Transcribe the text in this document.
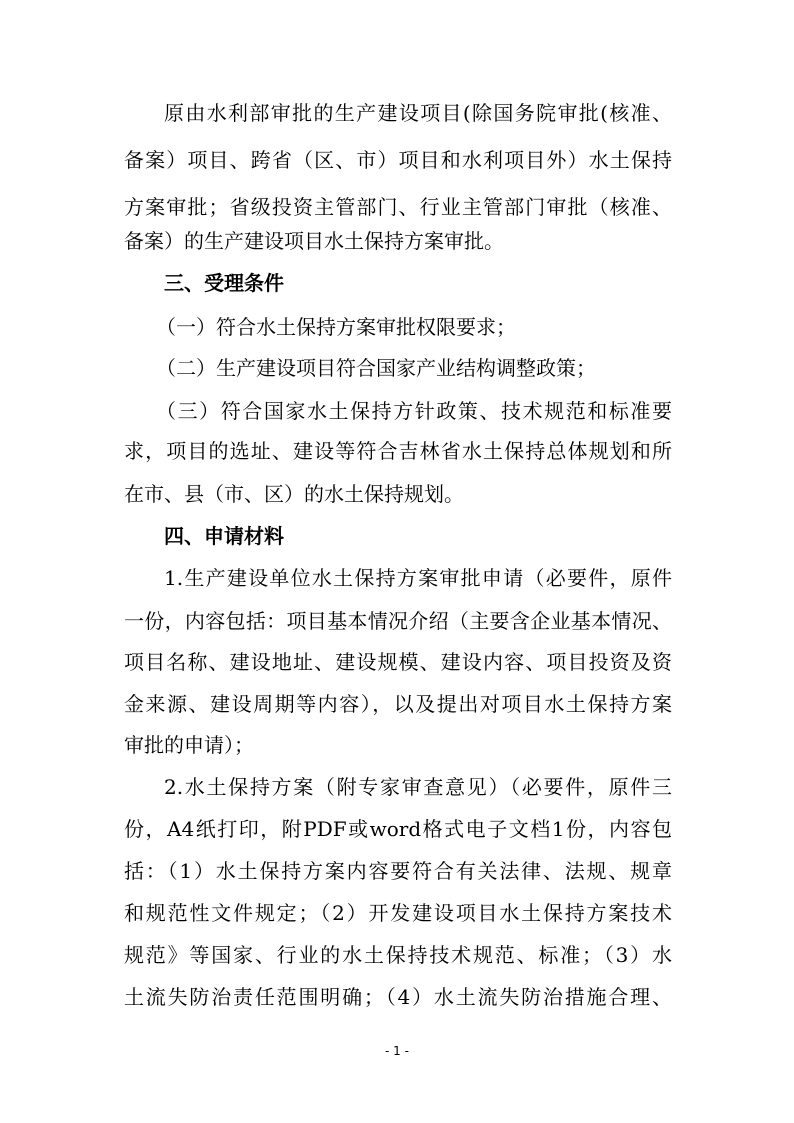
原由水利部审批的生产建设项目(除国务院审批(核准、
备案）项目、跨省（区、市）项目和水利项目外）水土保持
方案审批；省级投资主管部门、行业主管部门审批（核准、
备案）的生产建设项目水土保持方案审批。
三、受理条件
（一）符合水土保持方案审批权限要求；
（二）生产建设项目符合国家产业结构调整政策；
（三）符合国家水土保持方针政策、技术规范和标准要
求，项目的选址、建设等符合吉林省水土保持总体规划和所
在市、县（市、区）的水土保持规划。
四、申请材料
1.生产建设单位水土保持方案审批申请（必要件，原件
一份，内容包括：项目基本情况介绍（主要含企业基本情况、
项目名称、建设地址、建设规模、建设内容、项目投资及资
金来源、建设周期等内容），以及提出对项目水土保持方案
审批的申请）；
2.水土保持方案（附专家审查意见）（必要件，原件三
份，A4纸打印，附PDF或word格式电子文档1份，内容包
括：（1）水土保持方案内容要符合有关法律、法规、规章
和规范性文件规定；（2）开发建设项目水土保持方案技术
规范》等国家、行业的水土保持技术规范、标准；（3）水
土流失防治责任范围明确；（4）水土流失防治措施合理、
- 1 -
